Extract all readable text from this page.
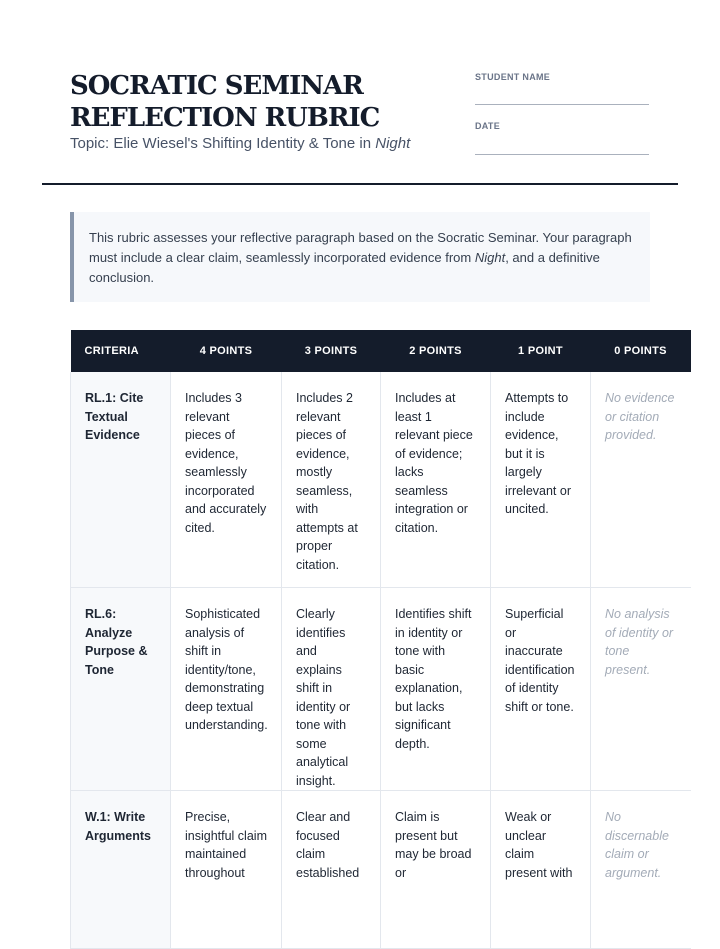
SOCRATIC SEMINAR REFLECTION RUBRIC
Topic: Elie Wiesel's Shifting Identity & Tone in Night
STUDENT NAME
DATE
This rubric assesses your reflective paragraph based on the Socratic Seminar. Your paragraph must include a clear claim, seamlessly incorporated evidence from Night, and a definitive conclusion.
CRITERIA	4 POINTS	3 POINTS	2 POINTS	1 POINT	0 POINTS
RL.1: Cite Textual Evidence	Includes 3 relevant pieces of evidence, seamlessly incorporated and accurately cited.	Includes 2 relevant pieces of evidence, mostly seamless, with attempts at proper citation.	Includes at least 1 relevant piece of evidence; lacks seamless integration or citation.	Attempts to include evidence, but it is largely irrelevant or uncited.	No evidence or citation provided.
RL.6: Analyze Purpose & Tone	Sophisticated analysis of shift in identity/tone, demonstrating deep textual understanding.	Clearly identifies and explains shift in identity or tone with some analytical insight.	Identifies shift in identity or tone with basic explanation, but lacks significant depth.	Superficial or inaccurate identification of identity shift or tone.	No analysis of identity or tone present.
W.1: Write Arguments	Precise, insightful claim maintained throughout	Clear and focused claim established	Claim is present but may be broad or	Weak or unclear claim present with	No discernable claim or argument.
